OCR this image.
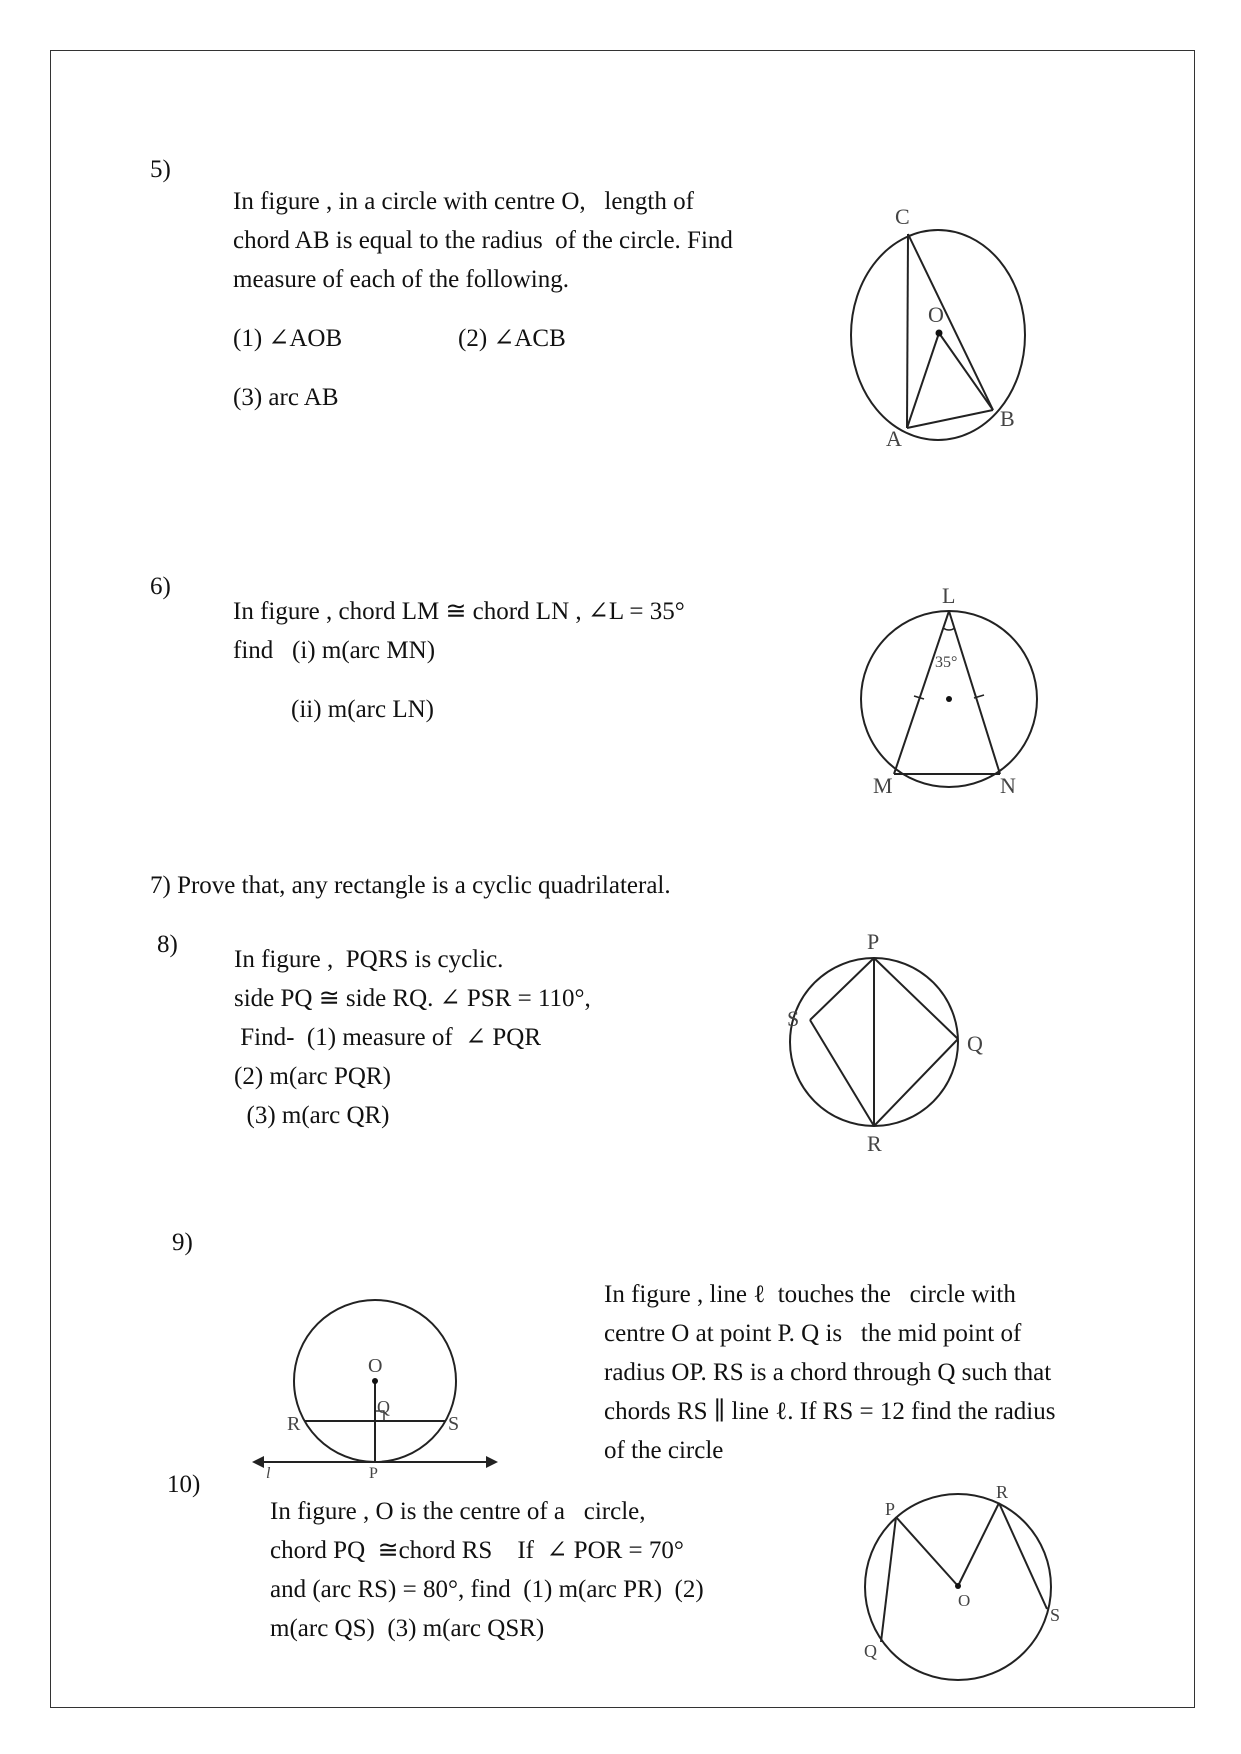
5)
In figure , in a circle with centre O,   length of
chord AB is equal to the radius  of the circle. Find
measure of each of the following.
(1) ∠AOB	(2) ∠ACB
(3) arc AB
C
O
A
B
6)
In figure , chord LM ≅ chord LN , ∠L = 35°
find   (i) m(arc MN)
(ii) m(arc LN)
L
35°
M	N
7) Prove that, any rectangle is a cyclic quadrilateral.
8)
In figure ,  PQRS is cyclic.
side PQ ≅ side RQ. ∠ PSR = 110°,
Find-  (1) measure of  ∠ PQR
(2) m(arc PQR)
(3) m(arc QR)
P
S
Q
R
9)
In figure , line ℓ  touches the   circle with
centre O at point P. Q is   the mid point of
radius OP. RS is a chord through Q such that
chords RS ∥ line ℓ. If RS = 12 find the radius
of the circle
O
Q
R	S
P
l
10)
In figure , O is the centre of a   circle,
chord PQ  ≅chord RS    If  ∠ POR = 70°
and (arc RS) = 80°, find  (1) m(arc PR)  (2)
m(arc QS)  (3) m(arc QSR)
P
R
O
S
Q
